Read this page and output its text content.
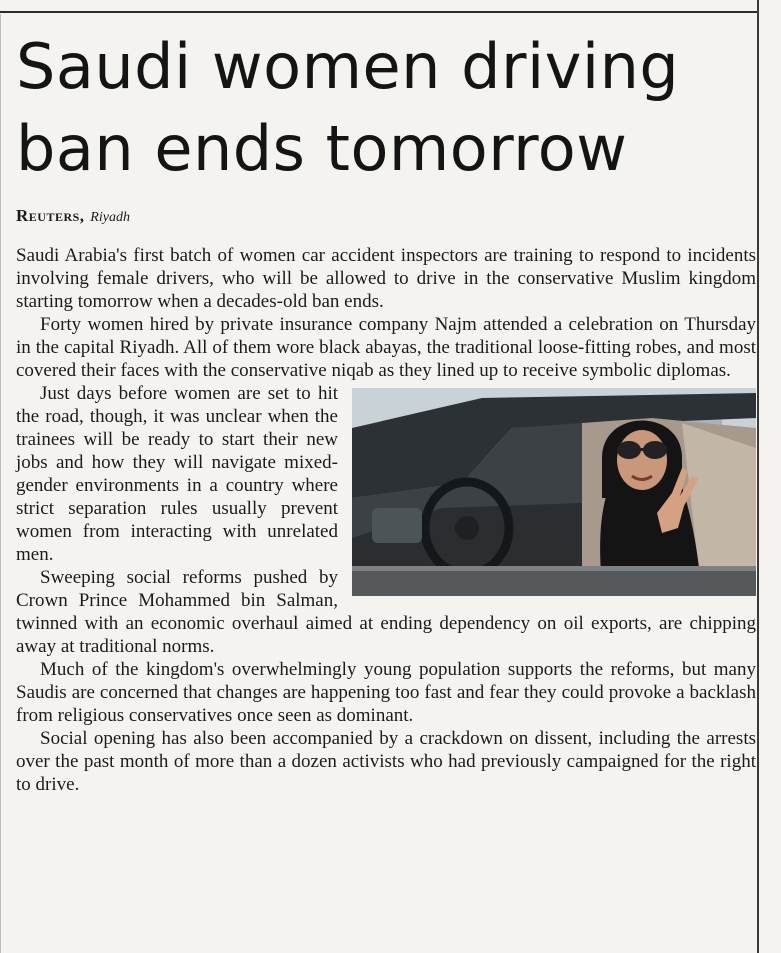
Saudi women driving ban ends tomorrow
Reuters, Riyadh

Saudi Arabia's first batch of women car accident inspectors are training to respond to incidents involving female drivers, who will be allowed to drive in the conservative Muslim kingdom starting tomorrow when a decades-old ban ends.

Forty women hired by private insurance company Najm attended a celebration on Thursday in the capital Riyadh. All of them wore black abayas, the traditional loose-fitting robes, and most covered their faces with the conservative niqab as they lined up to receive symbolic diplomas.

Just days before women are set to hit the road, though, it was unclear when the trainees will be ready to start their new jobs and how they will navigate mixed-gender environments in a country where strict separation rules usually prevent women from interacting with unrelated men.

Sweeping social reforms pushed by Crown Prince Mohammed bin Salman, twinned with an economic overhaul aimed at ending dependency on oil exports, are chipping away at traditional norms.

Much of the kingdom's overwhelmingly young population supports the reforms, but many Saudis are concerned that changes are happening too fast and fear they could provoke a backlash from religious conservatives once seen as dominant.

Social opening has also been accompanied by a crackdown on dissent, including the arrests over the past month of more than a dozen activists who had previously campaigned for the right to drive.
